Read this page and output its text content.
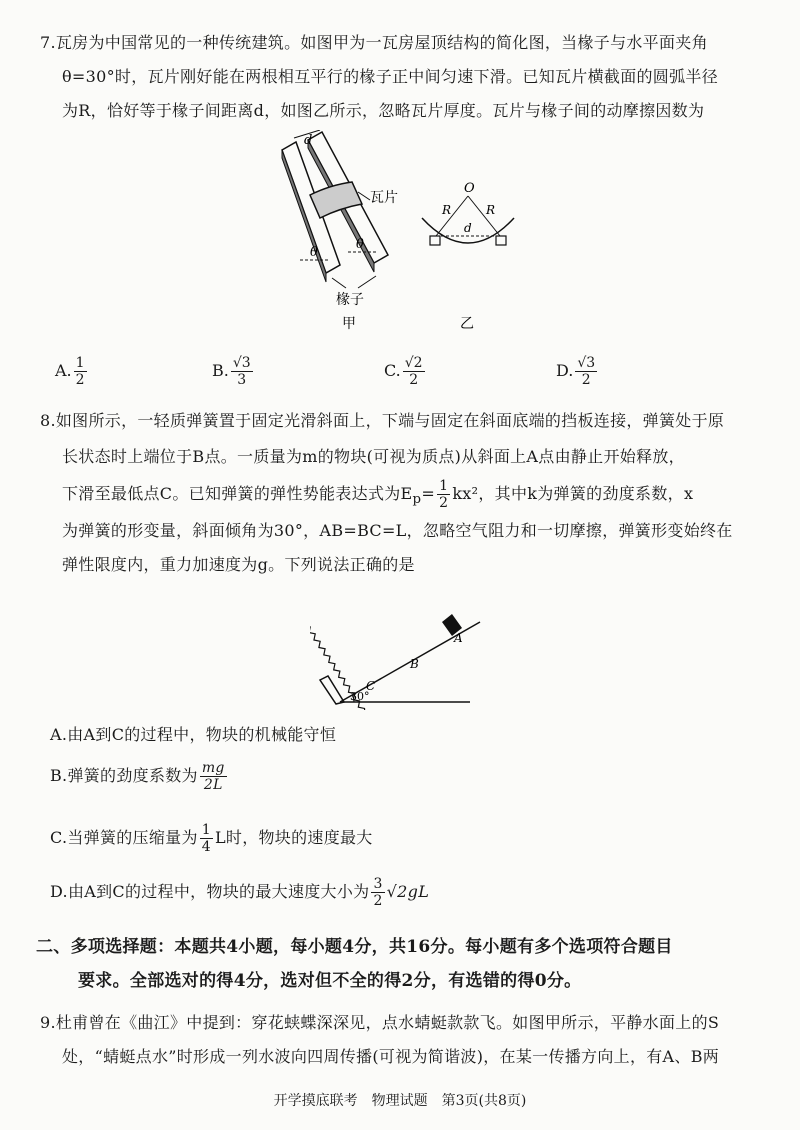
7.瓦房为中国常见的一种传统建筑。如图甲为一瓦房屋顶结构的简化图，当椽子与水平面夹角
θ=30°时，瓦片刚好能在两根相互平行的椽子正中间匀速下滑。已知瓦片横截面的圆弧半径
为R，恰好等于椽子间距离d，如图乙所示，忽略瓦片厚度。瓦片与椽子间的动摩擦因数为
d
瓦片
θ
θ
椽子
甲
O
R	R
d
乙
A. $\frac{1}{2}$	B. $\frac{√3}{3}$	C. $\frac{√2}{2}$	D. $\frac{√3}{2}$
8.如图所示，一轻质弹簧置于固定光滑斜面上，下端与固定在斜面底端的挡板连接，弹簧处于原
长状态时上端位于B点。一质量为m的物块(可视为质点)从斜面上A点由静止开始释放，
下滑至最低点C。已知弹簧的弹性势能表达式为$E_p= \frac{1}{2} kx^2$，其中k为弹簧的劲度系数，x
为弹簧的形变量，斜面倾角为30°，AB=BC=L，忽略空气阻力和一切摩擦，弹簧形变始终在
弹性限度内，重力加速度为g。下列说法正确的是
A
B
C
30°
A.由A到C的过程中，物块的机械能守恒
B.弹簧的劲度系数为 $\frac{mg}{2L}$
C.当弹簧的压缩量为 $\frac{1}{4}$ L时，物块的速度最大
D.由A到C的过程中，物块的最大速度大小为 $\frac{3}{2} √2gL$
二、多项选择题：本题共4小题，每小题4分，共16分。每小题有多个选项符合题目
要求。全部选对的得4分，选对但不全的得2分，有选错的得0分。
9.杜甫曾在《曲江》中提到：穿花蛱蝶深深见，点水蜻蜓款款飞。如图甲所示，平静水面上的S
处，“蜻蜓点水”时形成一列水波向四周传播(可视为简谐波)，在某一传播方向上，有A、B两
开学摸底联考　物理试题　第3页(共8页)
